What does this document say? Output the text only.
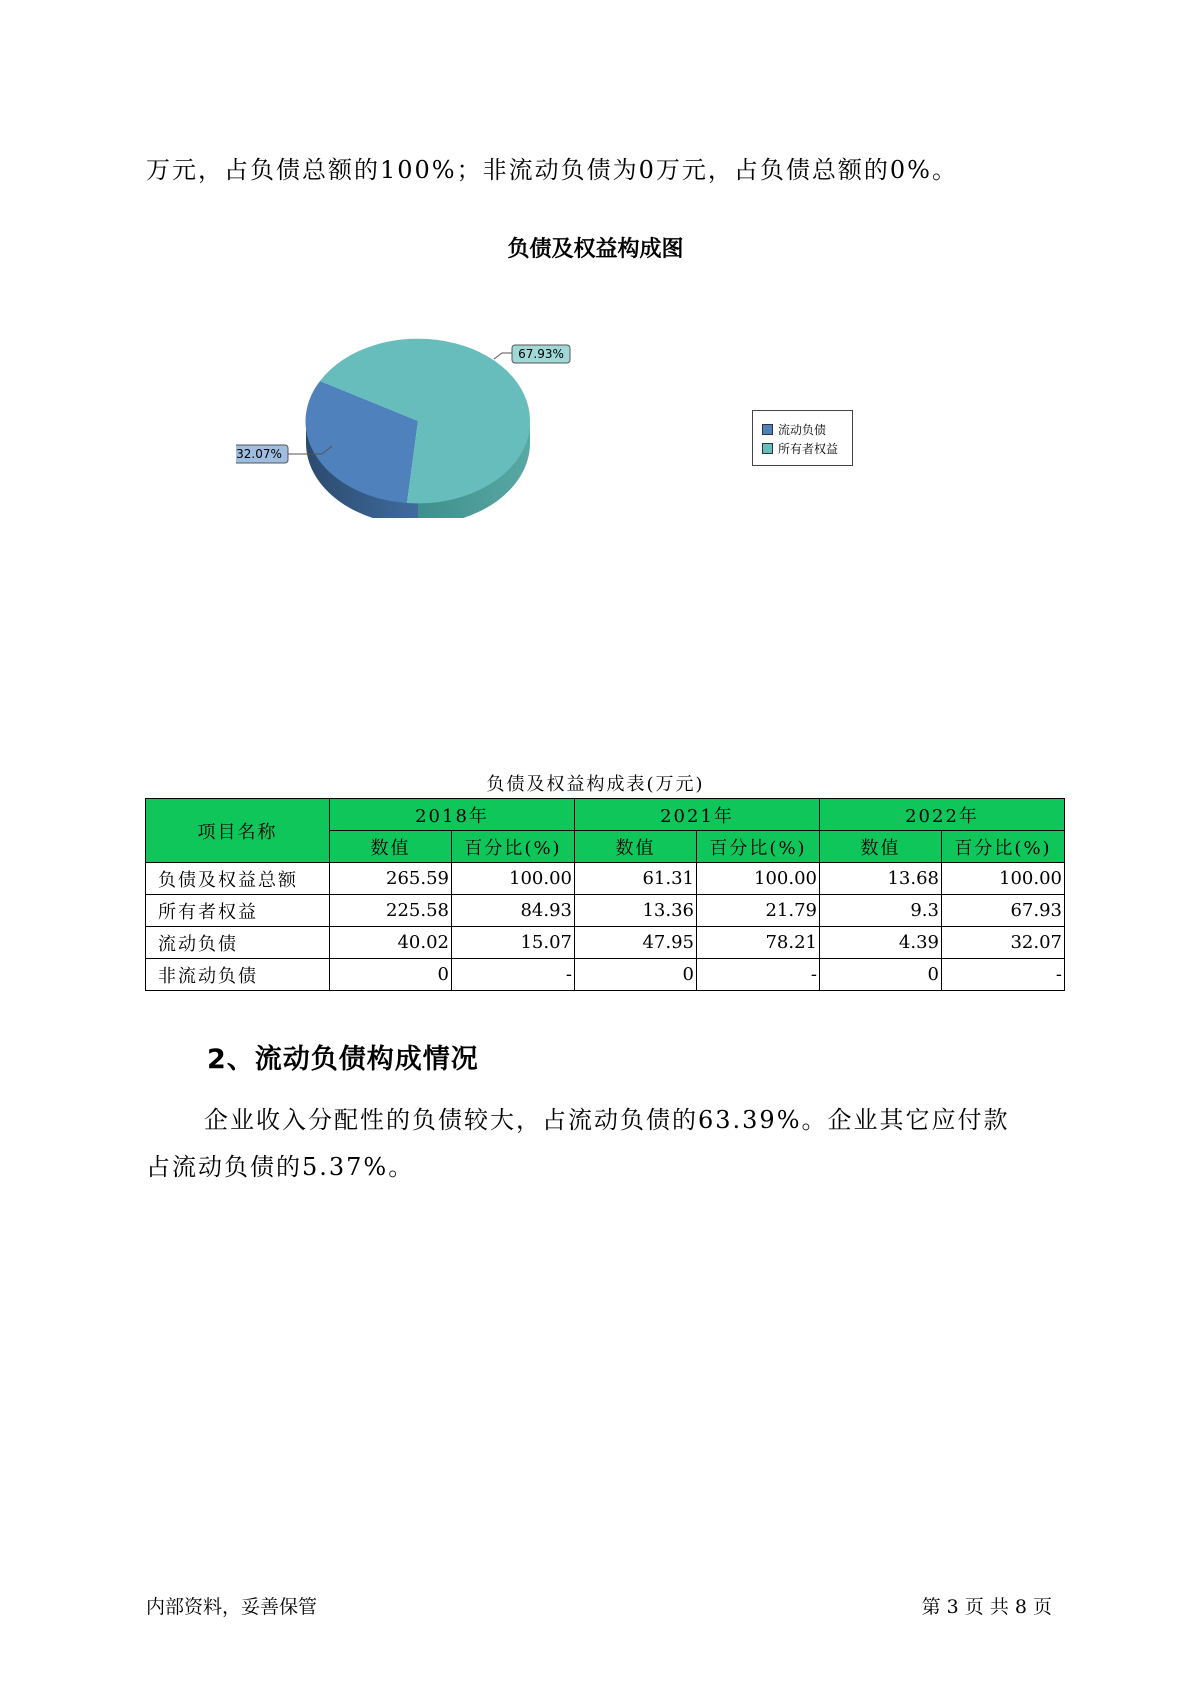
万元，占负债总额的100%；非流动负债为0万元，占负债总额的0%。
负债及权益构成图
67.93%
32.07%
流动负债
所有者权益
负债及权益构成表(万元)
项目名称	2018年		2021年		2022年	
	数值	百分比(%)	数值	百分比(%)	数值	百分比(%)
负债及权益总额	265.59	100.00	61.31	100.00	13.68	100.00
所有者权益	225.58	84.93	13.36	21.79	9.3	67.93
流动负债	40.02	15.07	47.95	78.21	4.39	32.07
非流动负债	0	-	0	-	0	-
2、流动负债构成情况
企业收入分配性的负债较大，占流动负债的63.39%。企业其它应付款
占流动负债的5.37%。
内部资料，妥善保管	第 3 页 共 8 页
